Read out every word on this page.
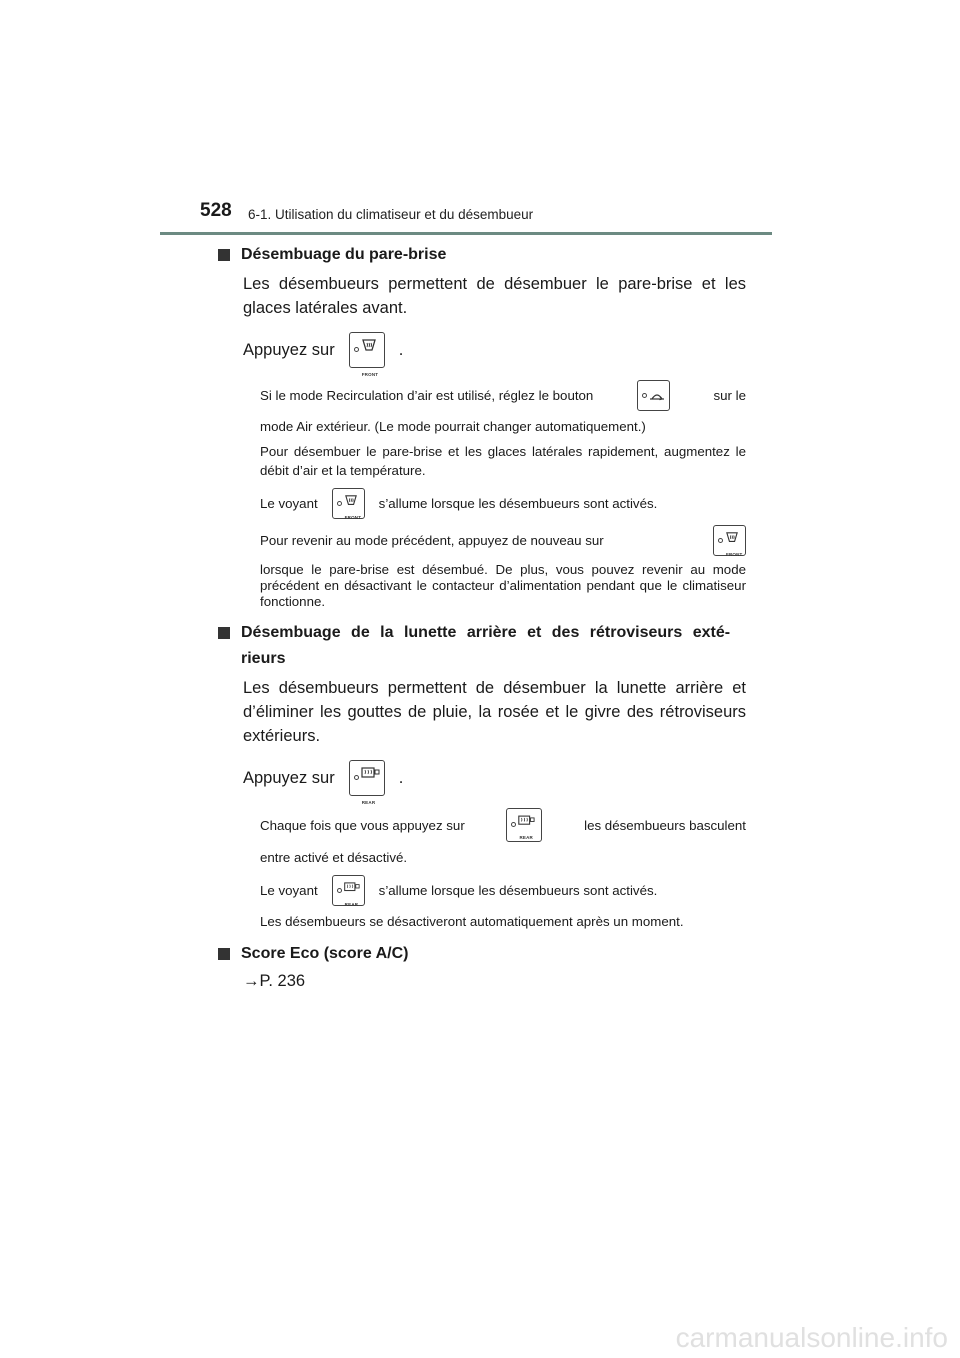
528 6-1. Utilisation du climatiseur et du désembueur
Désembuage du pare-brise

Les désembueurs permettent de désembuer le pare-brise et les glaces latérales avant.

Appuyez sur
FRONT
.
Si le mode Recirculation d’air est utilisé, réglez le bouton	sur le
mode Air extérieur. (Le mode pourrait changer automatiquement.)
Pour désembuer le pare-brise et les glaces latérales rapidement, augmentez le débit d’air et la température.
Le voyant
FRONT
s’allume lorsque les désembueurs sont activés.
Pour revenir au mode précédent, appuyez de nouveau sur
FRONT
lorsque le pare-brise est désembué. De plus, vous pouvez revenir au mode précédent en désactivant le contacteur d’alimentation pendant que le climatiseur fonctionne.
Désembuage de la lunette arrière et des rétroviseurs exté-
rieurs

Les désembueurs permettent de désembuer la lunette arrière et d’éliminer les gouttes de pluie, la rosée et le givre des rétroviseurs extérieurs.

Appuyez sur
REAR
.
Chaque fois que vous appuyez sur
REAR
les désembueurs basculent
entre activé et désactivé.
Le voyant
REAR
s’allume lorsque les désembueurs sont activés.
Les désembueurs se désactiveront automatiquement après un moment.
Score Eco (score A/C)
→P. 236
carmanualsonline.info
